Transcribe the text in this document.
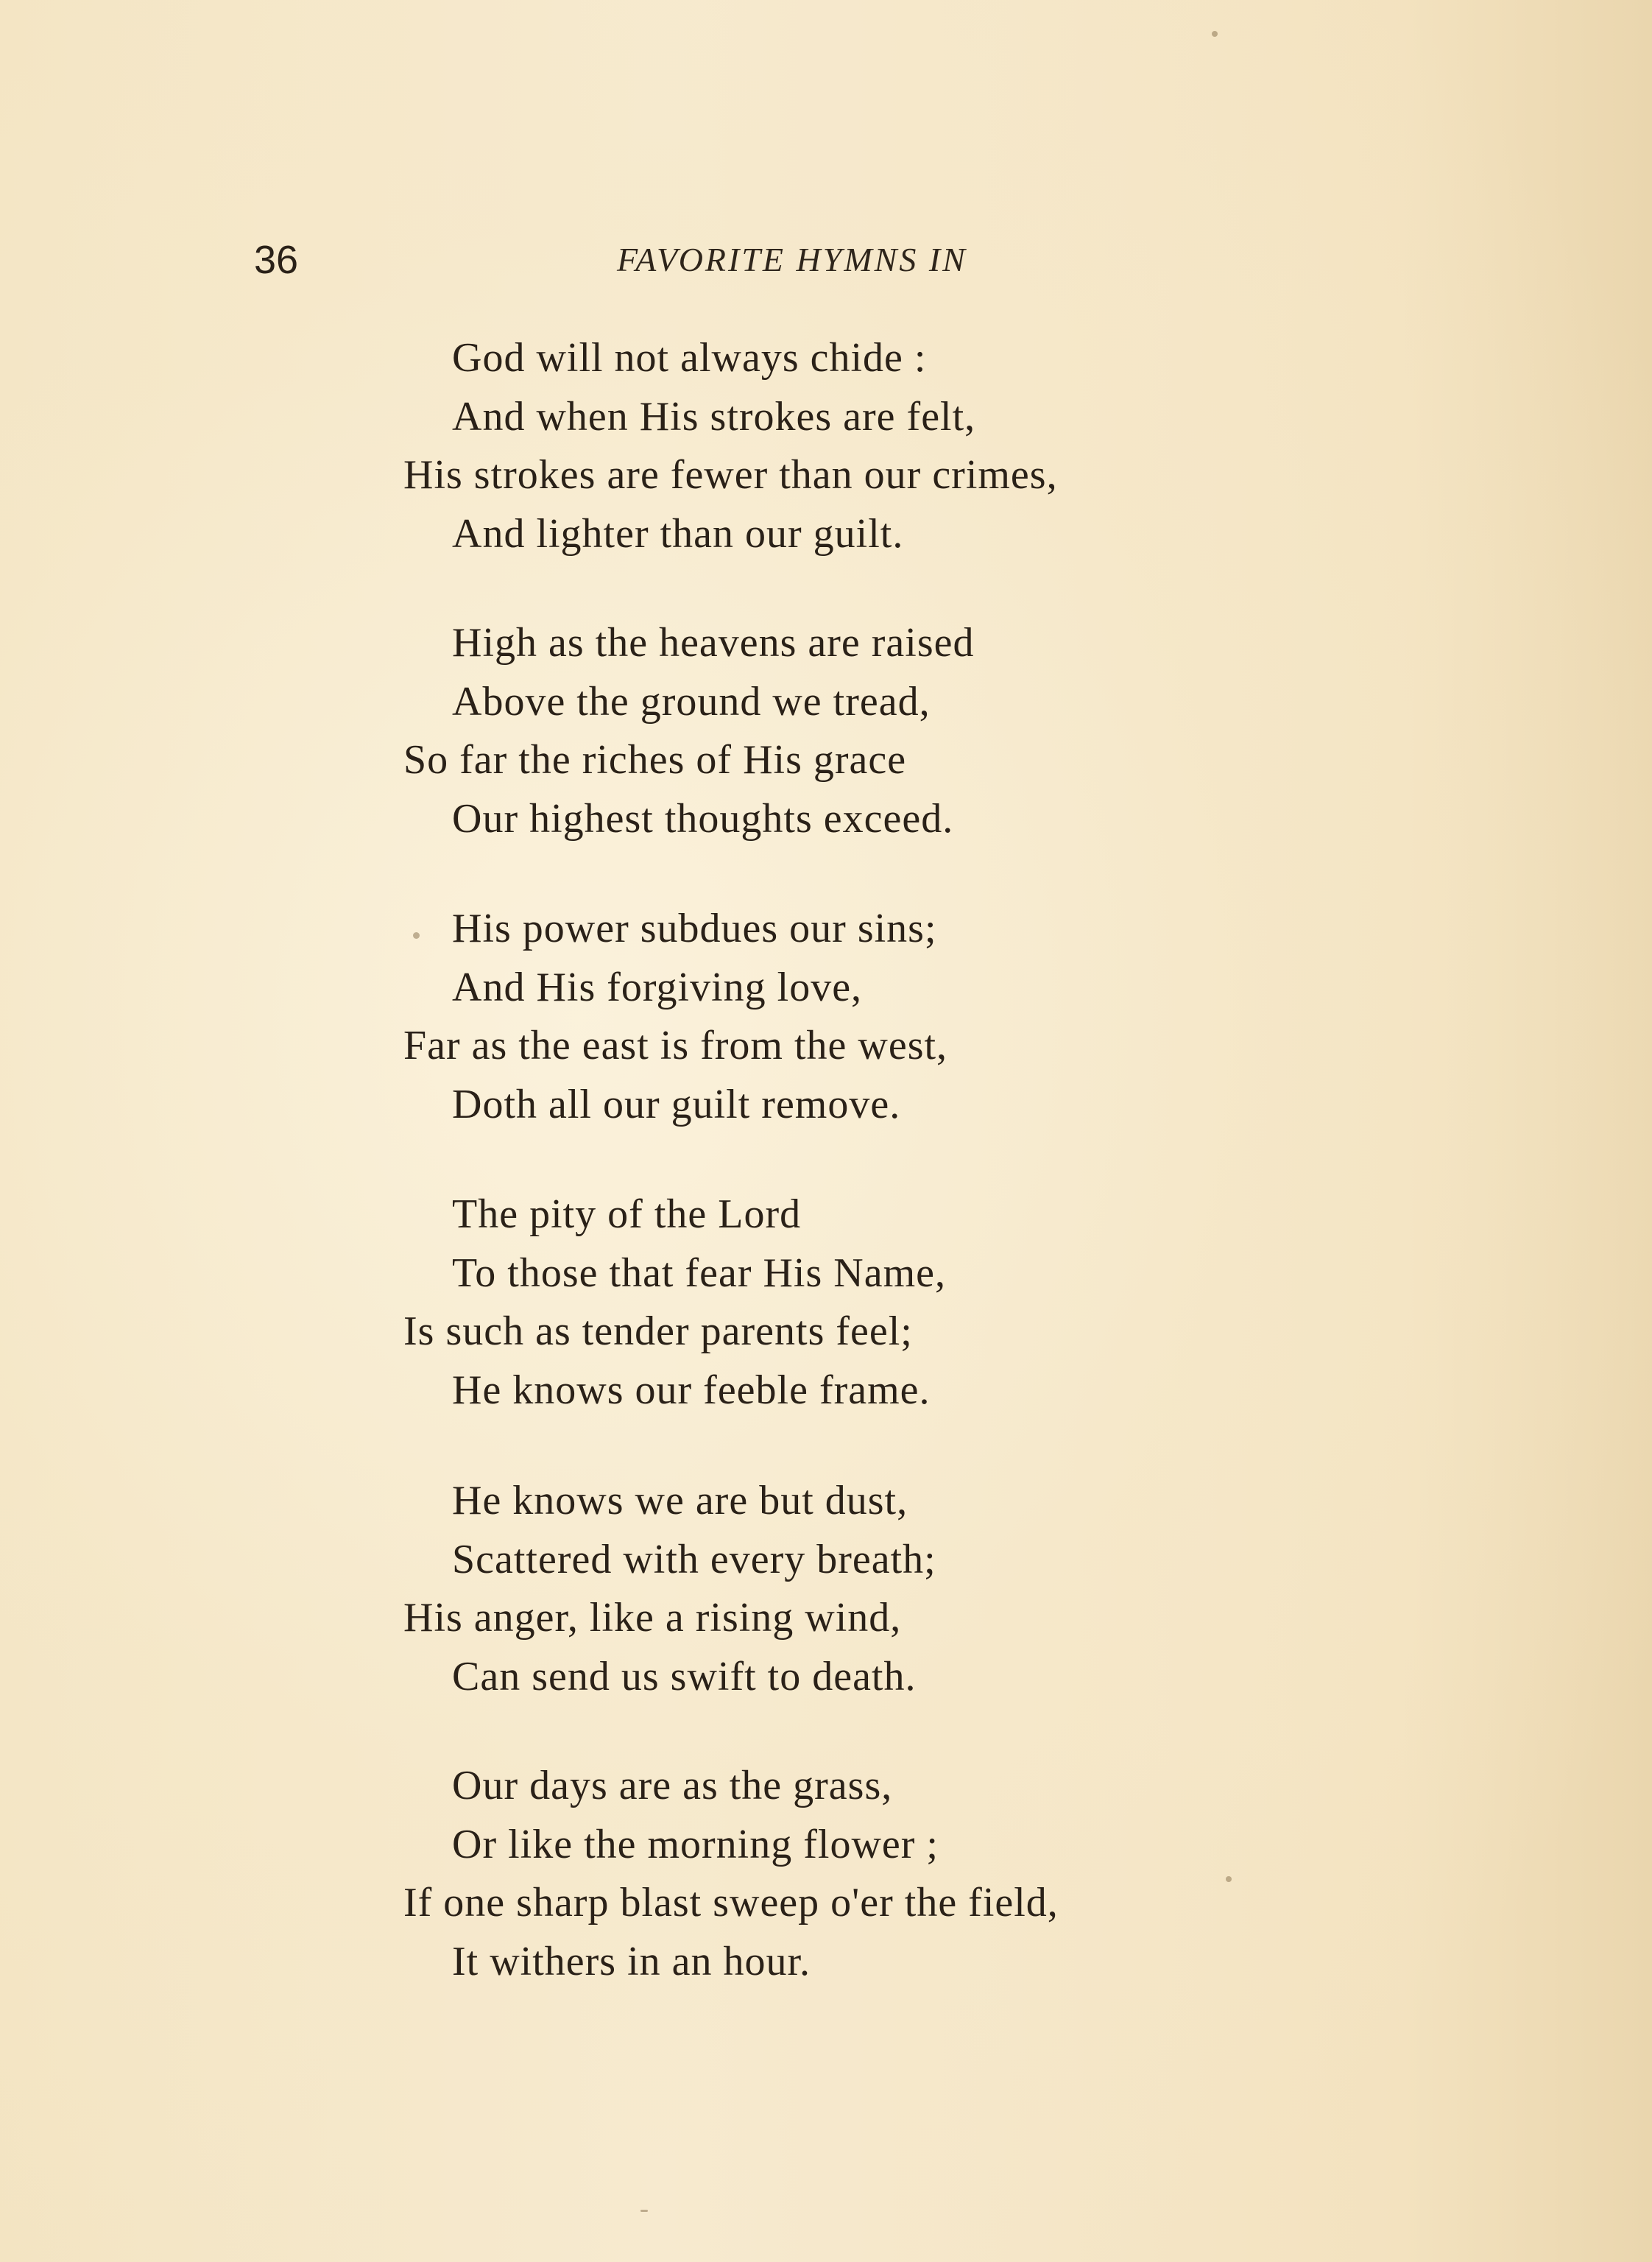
36	FAVORITE HYMNS IN
God will not always chide :
And when His strokes are felt,
His strokes are fewer than our crimes,
And lighter than our guilt.
High as the heavens are raised
Above the ground we tread,
So far the riches of His grace
Our highest thoughts exceed.
His power subdues our sins;
And His forgiving love,
Far as the east is from the west,
Doth all our guilt remove.
The pity of the Lord
To those that fear His Name,
Is such as tender parents feel;
He knows our feeble frame.
He knows we are but dust,
Scattered with every breath;
His anger, like a rising wind,
Can send us swift to death.
Our days are as the grass,
Or like the morning flower ;
If one sharp blast sweep o'er the field,
It withers in an hour.
